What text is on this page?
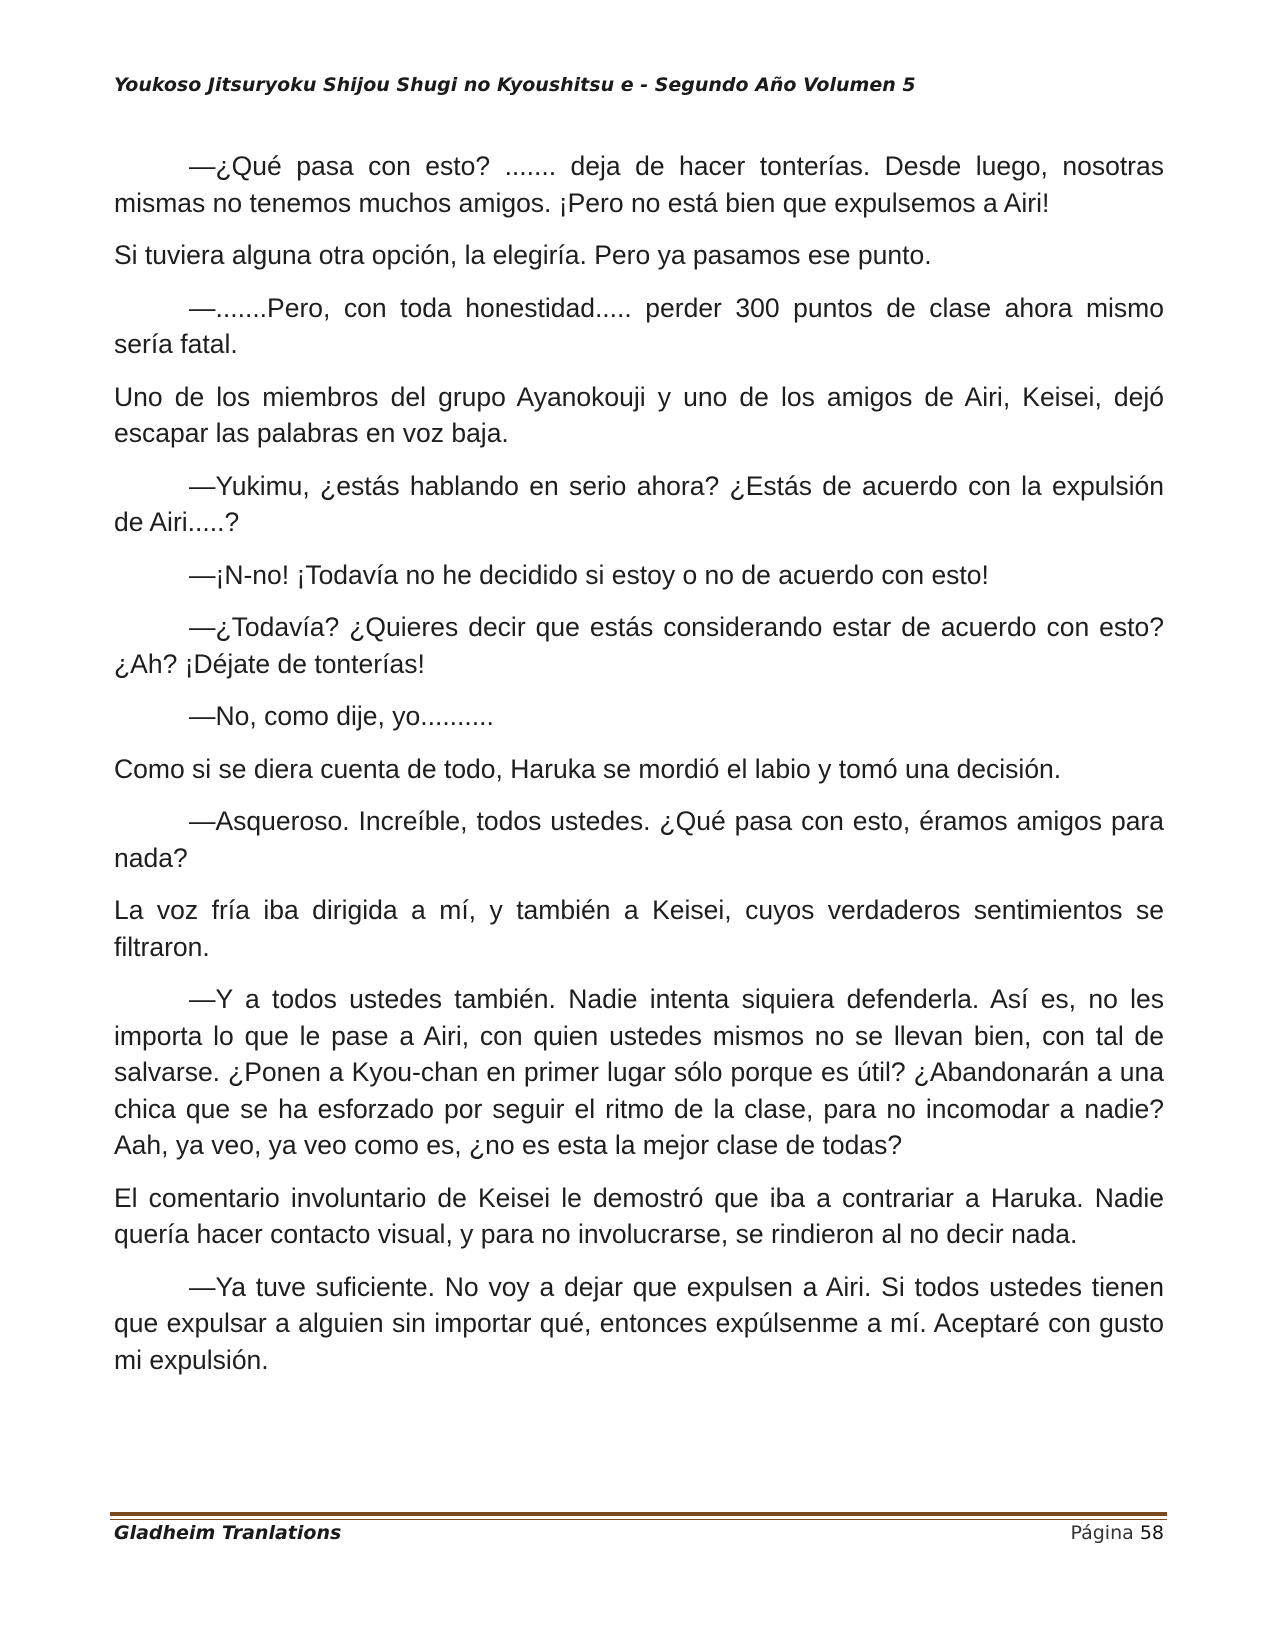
Youkoso Jitsuryoku Shijou Shugi no Kyoushitsu e - Segundo Año Volumen 5

—¿Qué pasa con esto? ....... deja de hacer tonterías. Desde luego, nosotras mismas no tenemos muchos amigos. ¡Pero no está bien que expulsemos a Airi!

Si tuviera alguna otra opción, la elegiría. Pero ya pasamos ese punto.

—.......Pero, con toda honestidad..... perder 300 puntos de clase ahora mismo sería fatal.

Uno de los miembros del grupo Ayanokouji y uno de los amigos de Airi, Keisei, dejó escapar las palabras en voz baja.

—Yukimu, ¿estás hablando en serio ahora? ¿Estás de acuerdo con la expulsión de Airi.....?

—¡N-no! ¡Todavía no he decidido si estoy o no de acuerdo con esto!

—¿Todavía? ¿Quieres decir que estás considerando estar de acuerdo con esto? ¿Ah? ¡Déjate de tonterías!

—No, como dije, yo..........

Como si se diera cuenta de todo, Haruka se mordió el labio y tomó una decisión.

—Asqueroso. Increíble, todos ustedes. ¿Qué pasa con esto, éramos amigos para nada?

La voz fría iba dirigida a mí, y también a Keisei, cuyos verdaderos sentimientos se filtraron.

—Y a todos ustedes también. Nadie intenta siquiera defenderla. Así es, no les importa lo que le pase a Airi, con quien ustedes mismos no se llevan bien, con tal de salvarse. ¿Ponen a Kyou-chan en primer lugar sólo porque es útil? ¿Abandonarán a una chica que se ha esforzado por seguir el ritmo de la clase, para no incomodar a nadie? Aah, ya veo, ya veo como es, ¿no es esta la mejor clase de todas?

El comentario involuntario de Keisei le demostró que iba a contrariar a Haruka. Nadie quería hacer contacto visual, y para no involucrarse, se rindieron al no decir nada.

—Ya tuve suficiente. No voy a dejar que expulsen a Airi. Si todos ustedes tienen que expulsar a alguien sin importar qué, entonces expúlsenme a mí. Aceptaré con gusto mi expulsión.

Gladheim Tranlations	Página 58
